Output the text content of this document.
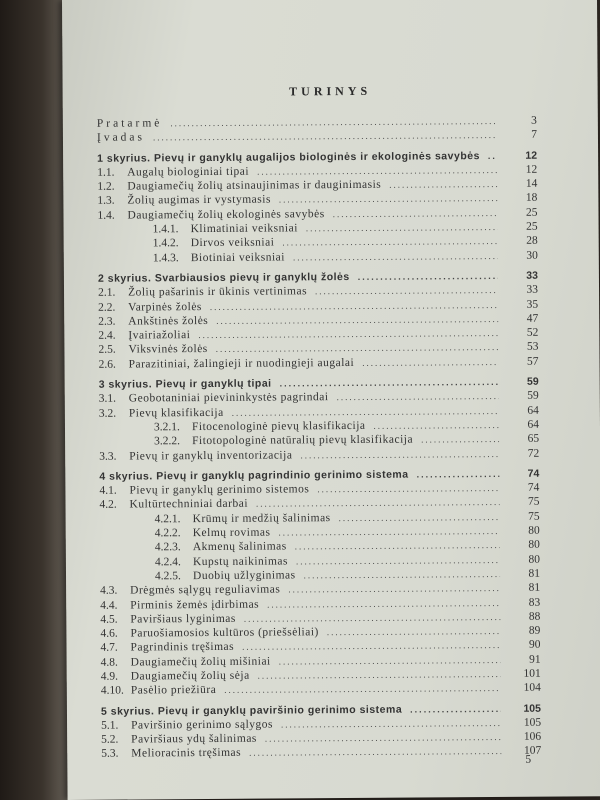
TURINYS
Pratarmė .....	3
Įvadas .....	7
1 skyrius. Pievų ir ganyklų augalijos biologinės ir ekologinės savybės .....	12
1.1.	Augalų biologiniai tipai .....	12
1.2.	Daugiamečių žolių atsinaujinimas ir dauginimasis .....	14
1.3.	Žolių augimas ir vystymasis .....	18
1.4.	Daugiamečių žolių ekologinės savybės .....	25
1.4.1.	Klimatiniai veiksniai .....	25
1.4.2.	Dirvos veiksniai .....	28
1.4.3.	Biotiniai veiksniai .....	30
2 skyrius. Svarbiausios pievų ir ganyklų žolės .....	33
2.1.	Žolių pašarinis ir ūkinis vertinimas .....	33
2.2.	Varpinės žolės .....	35
2.3.	Ankštinės žolės .....	47
2.4.	Įvairiažoliai .....	52
2.5.	Viksvinės žolės .....	53
2.6.	Parazitiniai, žalingieji ir nuodingieji augalai .....	57
3 skyrius. Pievų ir ganyklų tipai .....	59
3.1.	Geobotaniniai pievininkystės pagrindai .....	59
3.2.	Pievų klasifikacija .....	64
3.2.1.	Fitocenologinė pievų klasifikacija .....	64
3.2.2.	Fitotopologinė natūralių pievų klasifikacija .....	65
3.3.	Pievų ir ganyklų inventorizacija .....	72
4 skyrius. Pievų ir ganyklų pagrindinio gerinimo sistema .....	74
4.1.	Pievų ir ganyklų gerinimo sistemos .....	74
4.2.	Kultūrtechniniai darbai .....	75
4.2.1.	Krūmų ir medžių šalinimas .....	75
4.2.2.	Kelmų rovimas .....	80
4.2.3.	Akmenų šalinimas .....	80
4.2.4.	Kupstų naikinimas .....	80
4.2.5.	Duobių užlyginimas .....	81
4.3.	Drėgmės sąlygų reguliavimas .....	81
4.4.	Pirminis žemės įdirbimas .....	83
4.5.	Paviršiaus lyginimas .....	88
4.6.	Paruošiamosios kultūros (priešsėliai) .....	89
4.7.	Pagrindinis tręšimas .....	90
4.8.	Daugiamečių žolių mišiniai .....	91
4.9.	Daugiamečių žolių sėja .....	101
4.10. Pasėlio priežiūra .....	104
5 skyrius. Pievų ir ganyklų paviršinio gerinimo sistema .....	105
5.1.	Paviršinio gerinimo sąlygos .....	105
5.2.	Paviršiaus ydų šalinimas .....	106
5.3.	Melioracinis tręšimas .....	107
5
